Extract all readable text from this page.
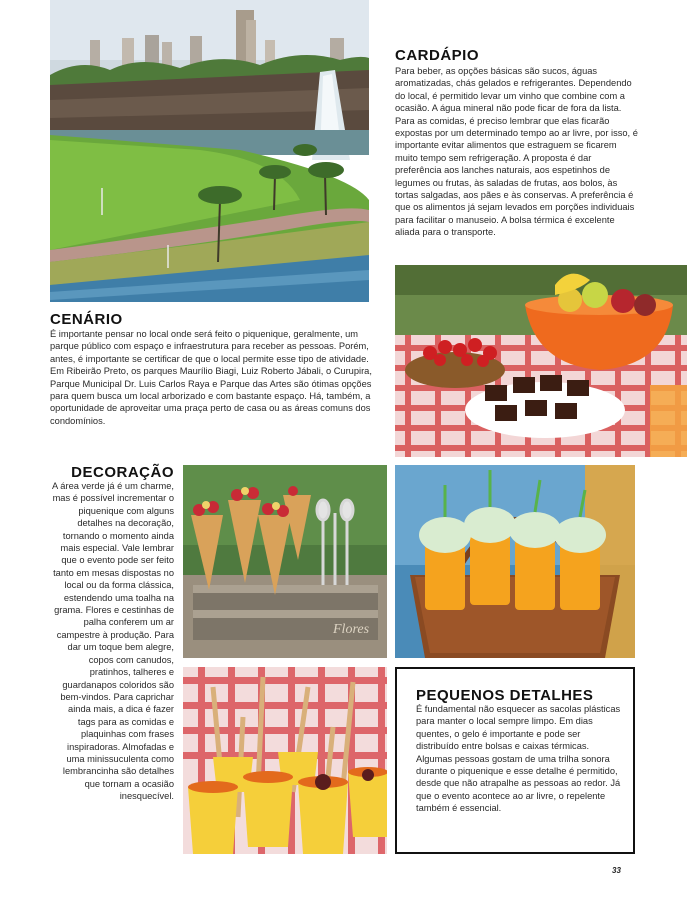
CARDÁPIO

Para beber, as opções básicas são sucos, águas aromatizadas, chás gelados e refrigerantes. Dependendo do local, é permitido levar um vinho que combine com a ocasião. A água mineral não pode ficar de fora da lista. Para as comidas, é preciso lembrar que elas ficarão expostas por um determinado tempo ao ar livre, por isso, é importante evitar alimentos que estraguem se ficarem muito tempo sem refrigeração. A proposta é dar preferência aos lanches naturais, aos espetinhos de legumes ou frutas, às saladas de frutas, aos bolos, às tortas salgadas, aos pães e às conservas. A preferência é que os alimentos já sejam levados em porções individuais para facilitar o manuseio. A bolsa térmica é excelente aliada para o transporte.

CENÁRIO

É importante pensar no local onde será feito o piquenique, geralmente, um parque público com espaço e infraestrutura para receber as pessoas. Porém, antes, é importante se certificar de que o local permite esse tipo de atividade. Em Ribeirão Preto, os parques Maurílio Biagi, Luiz Roberto Jábali, o Curupira, Parque Municipal Dr. Luis Carlos Raya e Parque das Artes são ótimas opções para quem busca um local arborizado e com bastante espaço. Há, também, a oportunidade de aproveitar uma praça perto de casa ou as áreas comuns dos condomínios.

DECORAÇÃO

A área verde já é um charme, mas é possível incrementar o piquenique com alguns detalhes na decoração, tornando o momento ainda mais especial. Vale lembrar que o evento pode ser feito tanto em mesas dispostas no local ou da forma clássica, estendendo uma toalha na grama. Flores e cestinhas de palha conferem um ar campestre à produção. Para dar um toque bem alegre, copos com canudos, pratinhos, talheres e guardanapos coloridos são bem-vindos. Para caprichar ainda mais, a dica é fazer tags para as comidas e plaquinhas com frases inspiradoras. Almofadas e uma minissuculenta como lembrancinha são detalhes que tornam a ocasião inesquecível.

Flores
PEQUENOS DETALHES

É fundamental não esquecer as sacolas plásticas para manter o local sempre limpo. Em dias quentes, o gelo é importante e pode ser distribuído entre bolsas e caixas térmicas. Algumas pessoas gostam de uma trilha sonora durante o piquenique e esse detalhe é permitido, desde que não atrapalhe as pessoas ao redor. Já que o evento acontece ao ar livre, o repelente também é essencial.

33
